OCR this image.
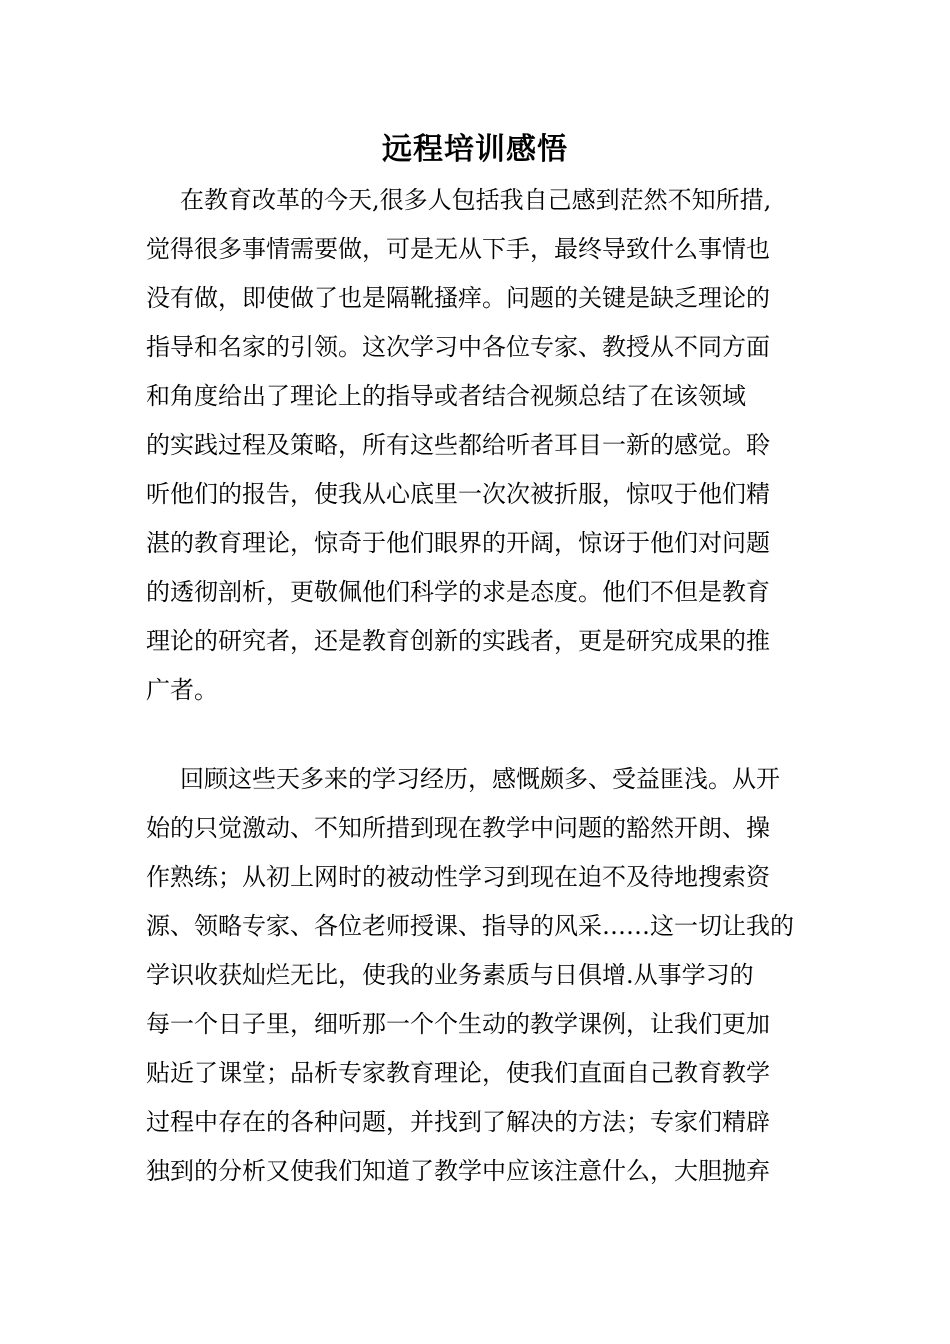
远程培训感悟
在教育改革的今天,很多人包括我自己感到茫然不知所措,
觉得很多事情需要做，可是无从下手，最终导致什么事情也
没有做，即使做了也是隔靴搔痒。问题的关键是缺乏理论的
指导和名家的引领。这次学习中各位专家、教授从不同方面
和角度给出了理论上的指导或者结合视频总结了在该领域
的实践过程及策略，所有这些都给听者耳目一新的感觉。聆
听他们的报告，使我从心底里一次次被折服，惊叹于他们精
湛的教育理论，惊奇于他们眼界的开阔，惊讶于他们对问题
的透彻剖析，更敬佩他们科学的求是态度。他们不但是教育
理论的研究者，还是教育创新的实践者，更是研究成果的推
广者。
回顾这些天多来的学习经历，感慨颇多、受益匪浅。从开
始的只觉激动、不知所措到现在教学中问题的豁然开朗、操
作熟练；从初上网时的被动性学习到现在迫不及待地搜索资
源、领略专家、各位老师授课、指导的风采……这一切让我的
学识收获灿烂无比，使我的业务素质与日俱增.从事学习的
每一个日子里，细听那一个个生动的教学课例，让我们更加
贴近了课堂；品析专家教育理论，使我们直面自己教育教学
过程中存在的各种问题，并找到了解决的方法；专家们精辟
独到的分析又使我们知道了教学中应该注意什么，大胆抛弃
